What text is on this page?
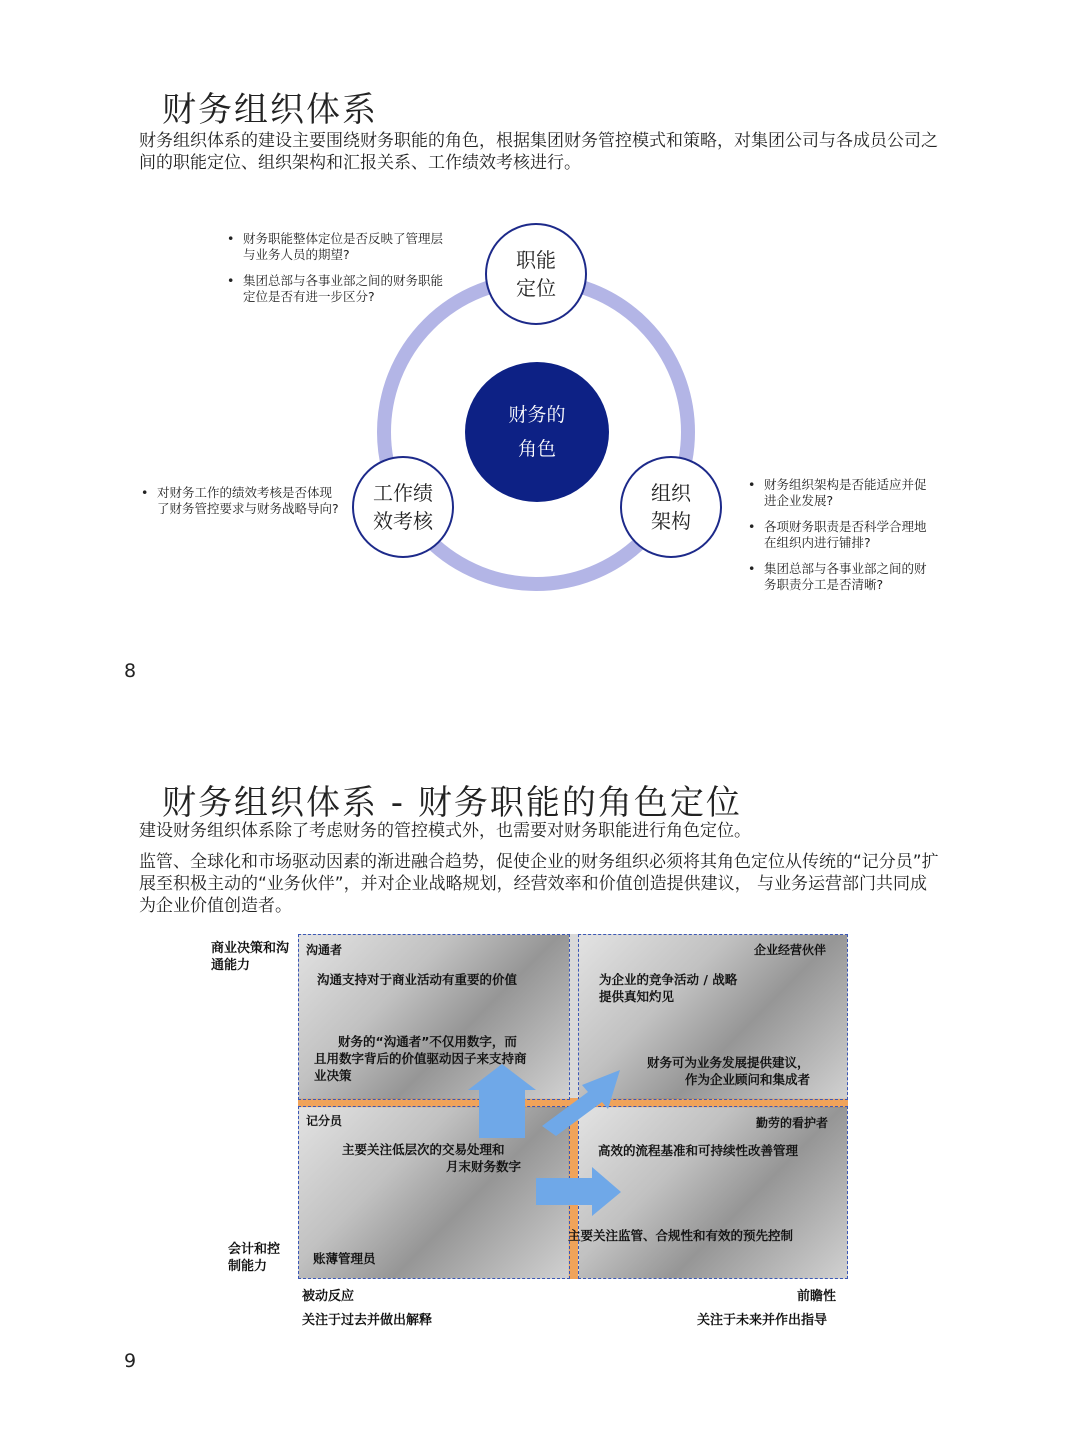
财务组织体系
财务组织体系的建设主要围绕财务职能的角色，根据集团财务管控模式和策略，对集团公司与各成员公司之间的职能定位、组织架构和汇报关系、工作绩效考核进行。
财务的
角色
职能
定位
工作绩
效考核
组织
架构
• 财务职能整体定位是否反映了管理层与业务人员的期望?
• 集团总部与各事业部之间的财务职能定位是否有进一步区分?
• 对财务工作的绩效考核是否体现了财务管控要求与财务战略导向?
• 财务组织架构是否能适应并促进企业发展?
• 各项财务职责是否科学合理地在组织内进行铺排?
• 集团总部与各事业部之间的财务职责分工是否清晰?
8
财务组织体系 - 财务职能的角色定位
建设财务组织体系除了考虑财务的管控模式外，也需要对财务职能进行角色定位。
监管、全球化和市场驱动因素的渐进融合趋势，促使企业的财务组织必须将其角色定位从传统的“记分员”扩展至积极主动的“业务伙伴”，并对企业战略规划，经营效率和价值创造提供建议， 与业务运营部门共同成为企业价值创造者。
商业决策和沟通能力
会计和控制能力
沟通者
沟通支持对于商业活动有重要的价值
财务的“沟通者”不仅用数字，而
且用数字背后的价值驱动因子来支持商
业决策
企业经营伙伴
为企业的竞争活动 / 战略
提供真知灼见
财务可为业务发展提供建议，
作为企业顾问和集成者
记分员
主要关注低层次的交易处理和
月末财务数字
账薄管理员
勤劳的看护者
高效的流程基准和可持续性改善管理
主要关注监管、合规性和有效的预先控制
被动反应
关注于过去并做出解释
前瞻性
关注于未来并作出指导
9
